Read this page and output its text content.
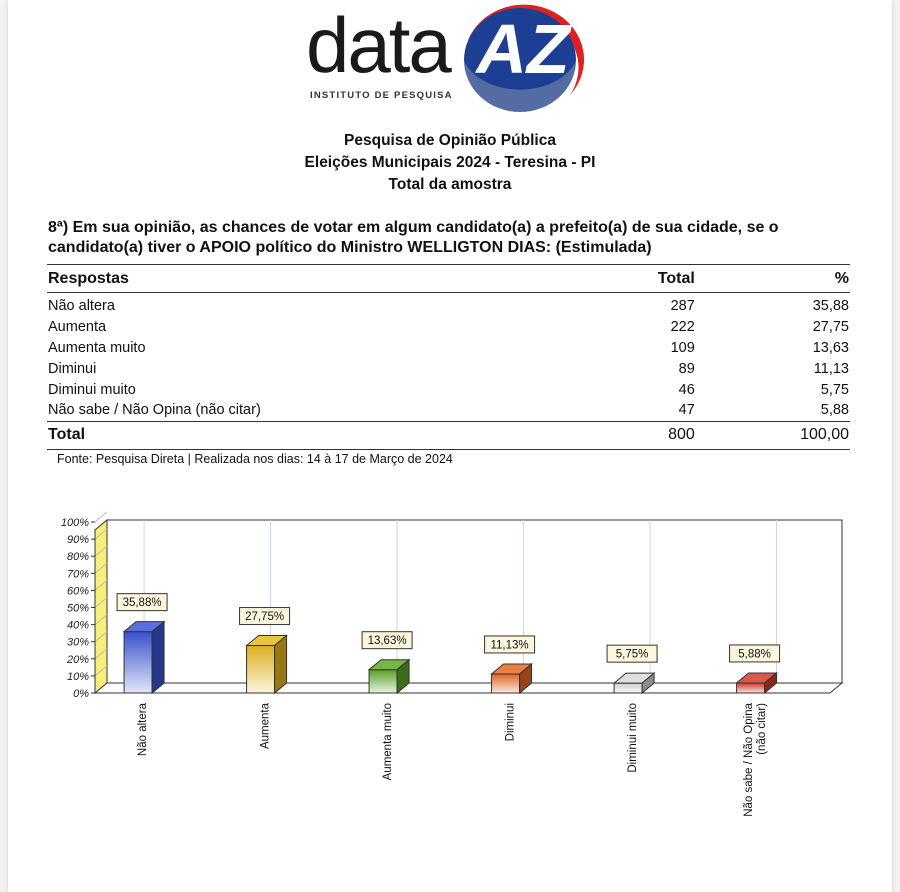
data AZ
INSTITUTO DE PESQUISA
Pesquisa de Opinião Pública
Eleições Municipais 2024 - Teresina - PI
Total da amostra
8ª) Em sua opinião, as chances de votar em algum candidato(a) a prefeito(a) de sua cidade, se o candidato(a) tiver o APOIO político do Ministro WELLIGTON DIAS: (Estimulada)
Respostas	Total	%
Não altera	287	35,88
Aumenta	222	27,75
Aumenta muito	109	13,63
Diminui	89	11,13
Diminui muito	46	5,75
Não sabe / Não Opina (não citar)	47	5,88
Total	800	100,00
Fonte: Pesquisa Direta | Realizada nos dias: 14 à 17 de Março de 2024
0%
10%
20%
30%
40%
50%
60%
70%
80%
90%
100%
35,88%
Não altera
27,75%
Aumenta
13,63%
Aumenta muito
11,13%
Diminui
5,75%
Diminui muito
5,88%
Não sabe / Não Opina (não citar)
